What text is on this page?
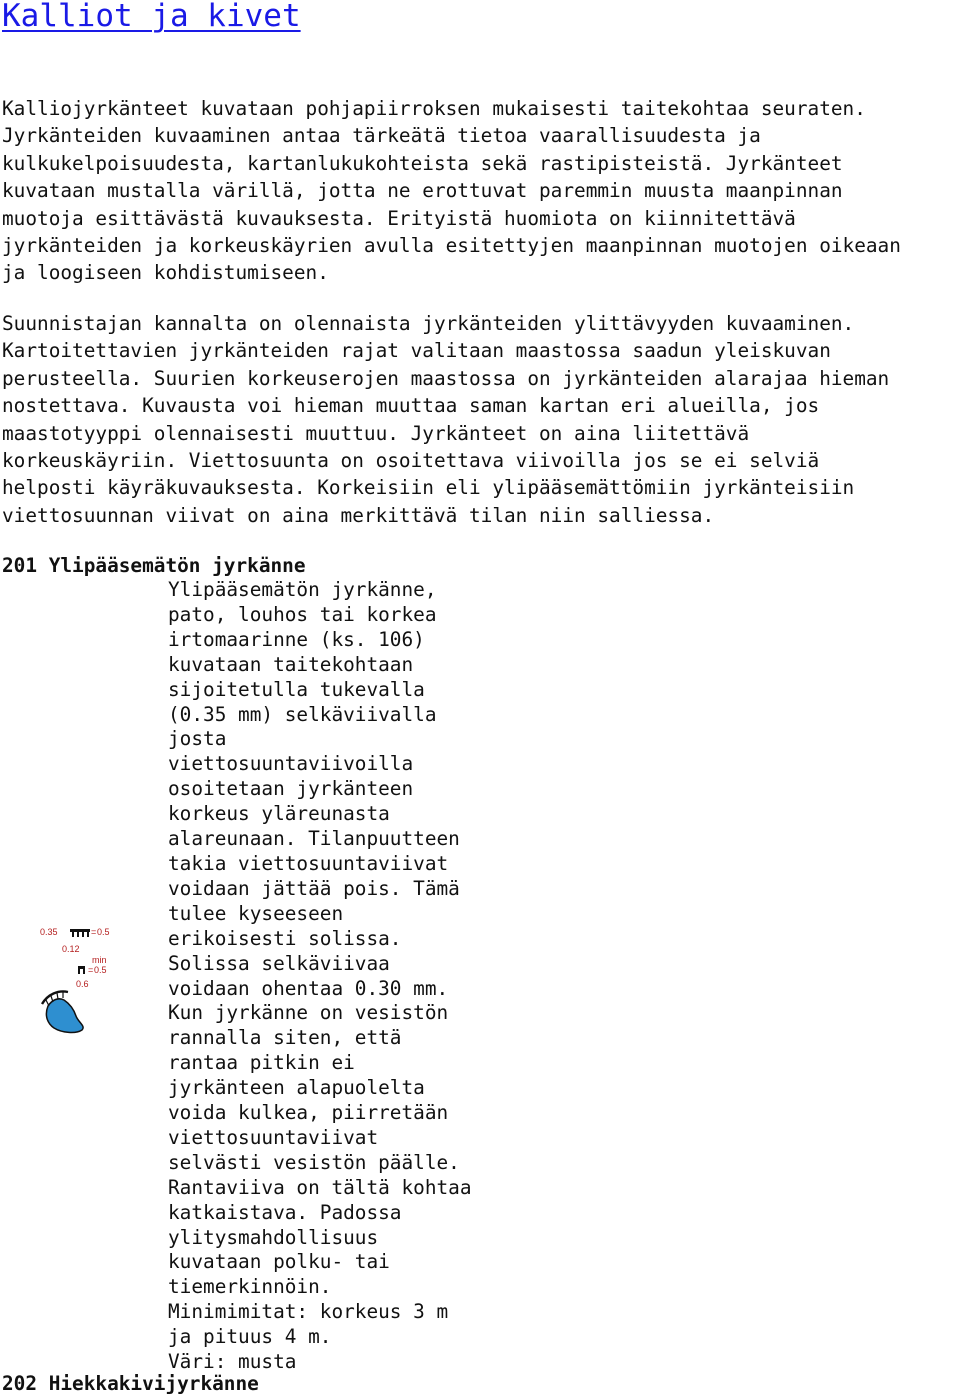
Kalliot ja kivet

Kalliojyrkänteet kuvataan pohjapiirroksen mukaisesti taitekohtaa seuraten.
Jyrkänteiden kuvaaminen antaa tärkeätä tietoa vaarallisuudesta ja
kulkukelpoisuudesta, kartanlukukohteista sekä rastipisteistä. Jyrkänteet
kuvataan mustalla värillä, jotta ne erottuvat paremmin muusta maanpinnan
muotoja esittävästä kuvauksesta. Erityistä huomiota on kiinnitettävä
jyrkänteiden ja korkeuskäyrien avulla esitettyjen maanpinnan muotojen oikeaan
ja loogiseen kohdistumiseen.

Suunnistajan kannalta on olennaista jyrkänteiden ylittävyyden kuvaaminen.
Kartoitettavien jyrkänteiden rajat valitaan maastossa saadun yleiskuvan
perusteella. Suurien korkeuserojen maastossa on jyrkänteiden alarajaa hieman
nostettava. Kuvausta voi hieman muuttaa saman kartan eri alueilla, jos
maastotyyppi olennaisesti muuttuu. Jyrkänteet on aina liitettävä
korkeuskäyriin. Viettosuunta on osoitettava viivoilla jos se ei selviä
helposti käyräkuvauksesta. Korkeisiin eli ylipääsemättömiin jyrkänteisiin
viettosuunnan viivat on aina merkittävä tilan niin salliessa.

201 Ylipääsemätön jyrkänne

Ylipääsemätön jyrkänne,
pato, louhos tai korkea
irtomaarinne (ks. 106)
kuvataan taitekohtaan
sijoitetulla tukevalla
(0.35 mm) selkäviivalla
josta
viettosuuntaviivoilla
osoitetaan jyrkänteen
korkeus yläreunasta
alareunaan. Tilanpuutteen
takia viettosuuntaviivat
voidaan jättää pois. Tämä
tulee kyseeseen
erikoisesti solissa.
Solissa selkäviivaa
voidaan ohentaa 0.30 mm.
Kun jyrkänne on vesistön
rannalla siten, että
rantaa pitkin ei
jyrkänteen alapuolelta
voida kulkea, piirretään
viettosuuntaviivat
selvästi vesistön päälle.
Rantaviiva on tältä kohtaa
katkaistava. Padossa
ylitysmahdollisuus
kuvataan polku- tai
tiemerkinnöin.
Minimimitat: korkeus 3 m
ja pituus 4 m.
Väri: musta

0.35	= 0.5
0.12
min
= 0.5
0.6
202 Hiekkakivijyrkänne
